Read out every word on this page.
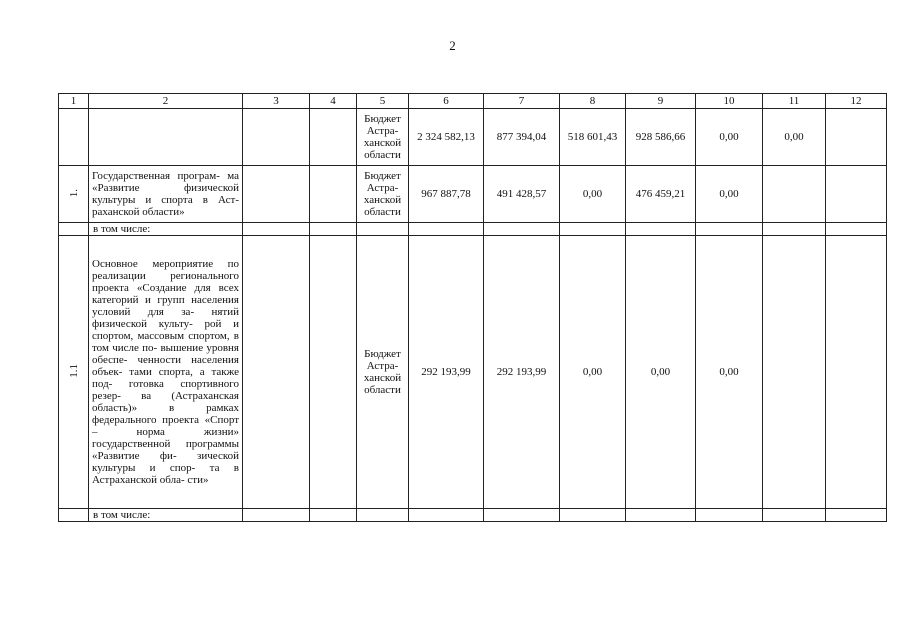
2
1	2	3	4	5	6	7	8	9	10	11	12
				Бюджет Астра- ханской области	2 324 582,13	877 394,04	518 601,43	928 586,66	0,00	0,00	
1.	Государственная програм- ма «Развитие физической культуры и спорта в Аст- раханской области»			Бюджет Астра- ханской области	967 887,78	491 428,57	0,00	476 459,21	0,00		
	в том числе:										
1.1	Основное мероприятие по реализации регионального проекта «Создание для всех категорий и групп населения условий для за- нятий физической культу- рой и спортом, массовым спортом, в том числе по- вышение уровня обеспе- ченности населения объек- тами спорта, а также под- готовка спортивного резер- ва (Астраханская область)» в рамках федерального проекта «Спорт – норма жизни» государственной программы «Развитие фи- зической культуры и спор- та в Астраханской обла- сти»			Бюджет Астра- ханской области	292 193,99	292 193,99	0,00	0,00	0,00		
	в том числе:										
